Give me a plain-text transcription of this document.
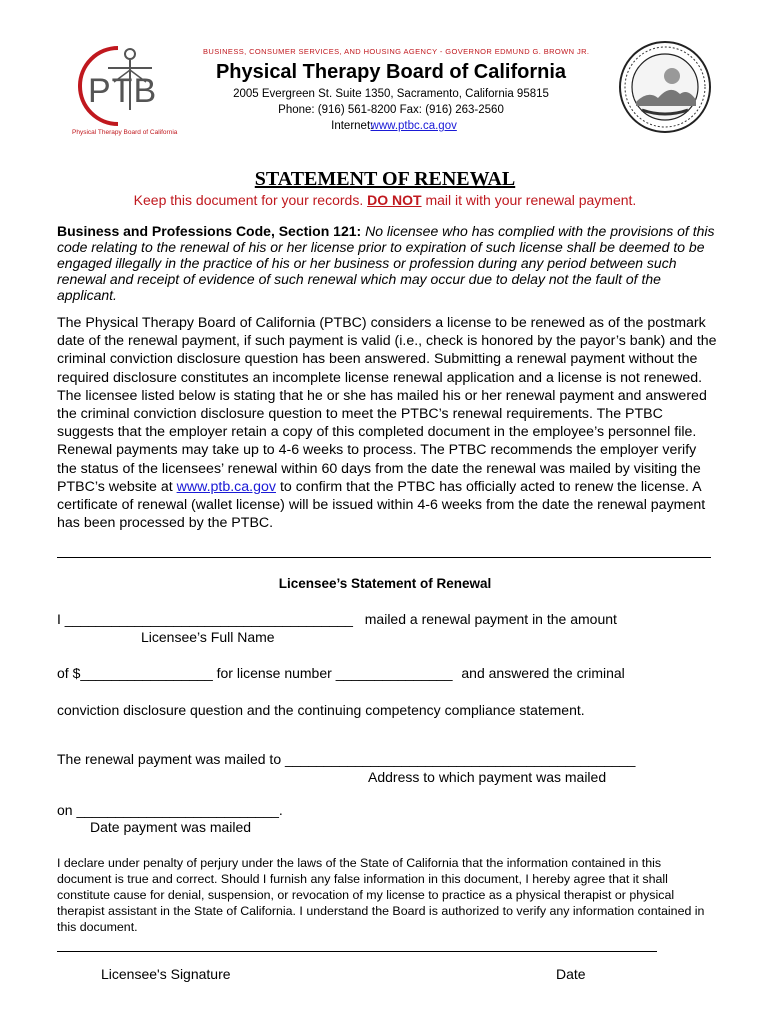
PTB
Physical Therapy Board of California
BUSINESS, CONSUMER SERVICES, AND HOUSING AGENCY - GOVERNOR EDMUND G. BROWN JR.
Physical Therapy Board of California
2005 Evergreen St. Suite 1350, Sacramento, California 95815
Phone: (916) 561-8200 Fax: (916) 263-2560
Internet: www.ptbc.ca.gov
STATEMENT OF RENEWAL
Keep this document for your records. DO NOT mail it with your renewal payment.
Business and Professions Code, Section 121: No licensee who has complied with the provisions of this code relating to the renewal of his or her license prior to expiration of such license shall be deemed to be engaged illegally in the practice of his or her business or profession during any period between such renewal and receipt of evidence of such renewal which may occur due to delay not the fault of the applicant.
The Physical Therapy Board of California (PTBC) considers a license to be renewed as of the postmark date of the renewal payment, if such payment is valid (i.e., check is honored by the payor’s bank) and the criminal conviction disclosure question has been answered. Submitting a renewal payment without the required disclosure constitutes an incomplete license renewal application and a license is not renewed. The licensee listed below is stating that he or she has mailed his or her renewal payment and answered the criminal conviction disclosure question to meet the PTBC’s renewal requirements. The PTBC suggests that the employer retain a copy of this completed document in the employee’s personnel file. Renewal payments may take up to 4-6 weeks to process. The PTBC recommends the employer verify the status of the licensees’ renewal within 60 days from the date the renewal was mailed by visiting the PTBC’s website at www.ptb.ca.gov to confirm that the PTBC has officially acted to renew the license. A certificate of renewal (wallet license) will be issued within 4-6 weeks from the date the renewal payment has been processed by the PTBC.
Licensee’s Statement of Renewal
I _____________________________________ mailed a renewal payment in the amount
Licensee’s Full Name
of $_________________ for license number _______________ and answered the criminal
conviction disclosure question and the continuing competency compliance statement.
The renewal payment was mailed to _____________________________________________
Address to which payment was mailed
on __________________________.
Date payment was mailed
I declare under penalty of perjury under the laws of the State of California that the information contained in this document is true and correct. Should I furnish any false information in this document, I hereby agree that it shall constitute cause for denial, suspension, or revocation of my license to practice as a physical therapist or physical therapist assistant in the State of California. I understand the Board is authorized to verify any information contained in this document.
Licensee's Signature	Date
